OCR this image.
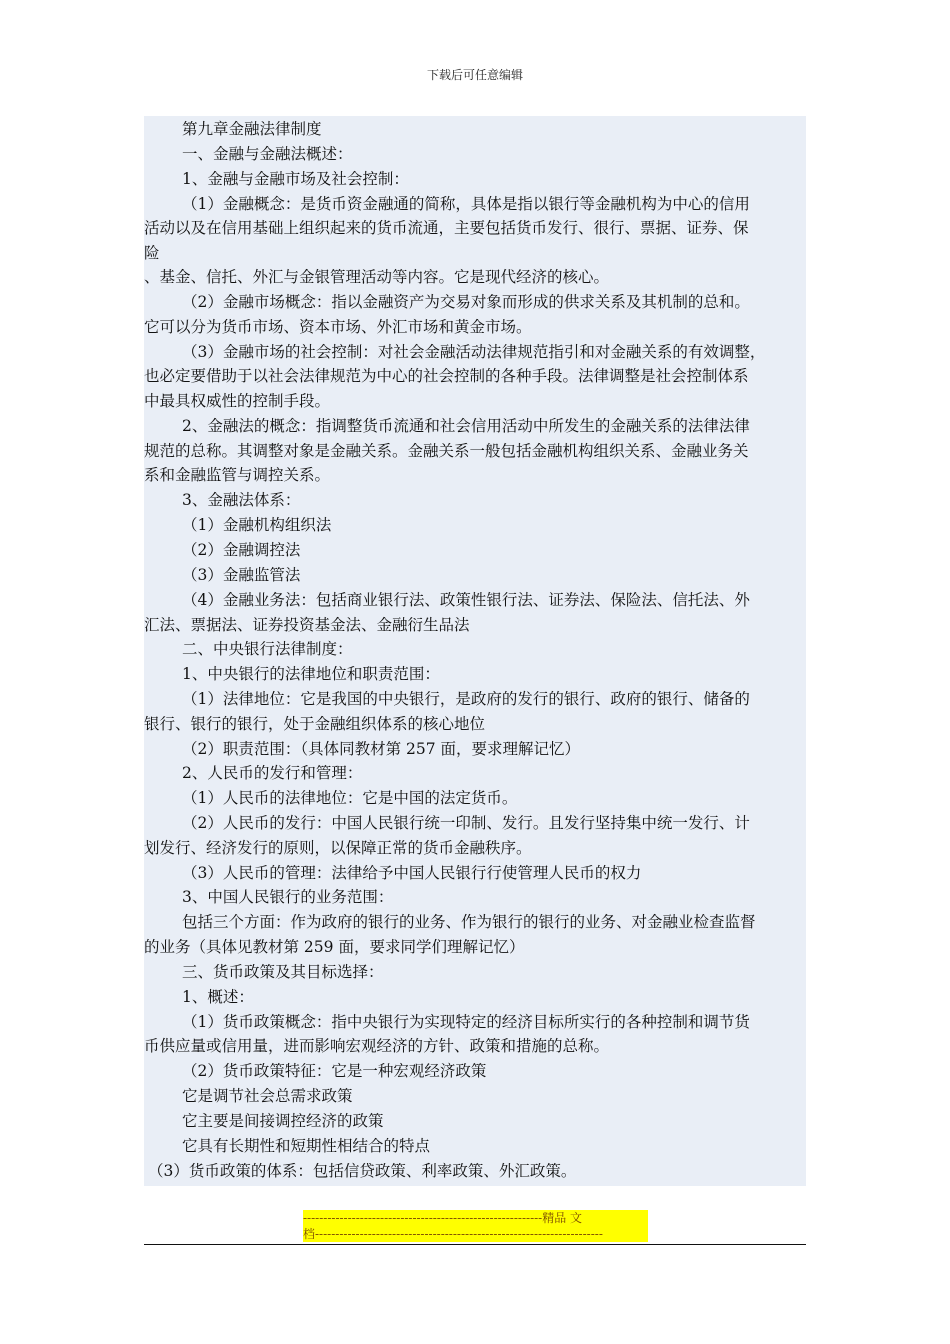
下载后可任意编辑
第九章金融法律制度
一、金融与金融法概述：
1、金融与金融市场及社会控制：
（1）金融概念：是货币资金融通的简称，具体是指以银行等金融机构为中心的信用
活动以及在信用基础上组织起来的货币流通，主要包括货币发行、很行、票据、证券、保
险
、基金、信托、外汇与金银管理活动等内容。它是现代经济的核心。
（2）金融市场概念：指以金融资产为交易对象而形成的供求关系及其机制的总和。
它可以分为货币市场、资本市场、外汇市场和黄金市场。
（3）金融市场的社会控制：对社会金融活动法律规范指引和对金融关系的有效调整，
也必定要借助于以社会法律规范为中心的社会控制的各种手段。法律调整是社会控制体系
中最具权威性的控制手段。
2、金融法的概念：指调整货币流通和社会信用活动中所发生的金融关系的法律法律
规范的总称。其调整对象是金融关系。金融关系一般包括金融机构组织关系、金融业务关
系和金融监管与调控关系。
3、金融法体系：
（1）金融机构组织法
（2）金融调控法
（3）金融监管法
（4）金融业务法：包括商业银行法、政策性银行法、证券法、保险法、信托法、外
汇法、票据法、证券投资基金法、金融衍生品法
二、中央银行法律制度：
1、中央银行的法律地位和职责范围：
（1）法律地位：它是我国的中央银行，是政府的发行的银行、政府的银行、储备的
银行、银行的银行，处于金融组织体系的核心地位
（2）职责范围：（具体同教材第 257 面，要求理解记忆）
2、人民币的发行和管理：
（1）人民币的法律地位：它是中国的法定货币。
（2）人民币的发行：中国人民银行统一印制、发行。且发行坚持集中统一发行、计
划发行、经济发行的原则，以保障正常的货币金融秩序。
（3）人民币的管理：法律给予中国人民银行行使管理人民币的权力
3、中国人民银行的业务范围：
包括三个方面：作为政府的银行的业务、作为银行的银行的业务、对金融业检查监督
的业务（具体见教材第 259 面，要求同学们理解记忆）
三、货币政策及其目标选择：
1、概述：
（1）货币政策概念：指中央银行为实现特定的经济目标所实行的各种控制和调节货
币供应量或信用量，进而影响宏观经济的方针、政策和措施的总称。
（2）货币政策特征：它是一种宏观经济政策
它是调节社会总需求政策
它主要是间接调控经济的政策
它具有长期性和短期性相结合的特点
（3）货币政策的体系：包括信贷政策、利率政策、外汇政策。
-----------------------------------------------------------精品 文
档-----------------------------------------------------------------------
